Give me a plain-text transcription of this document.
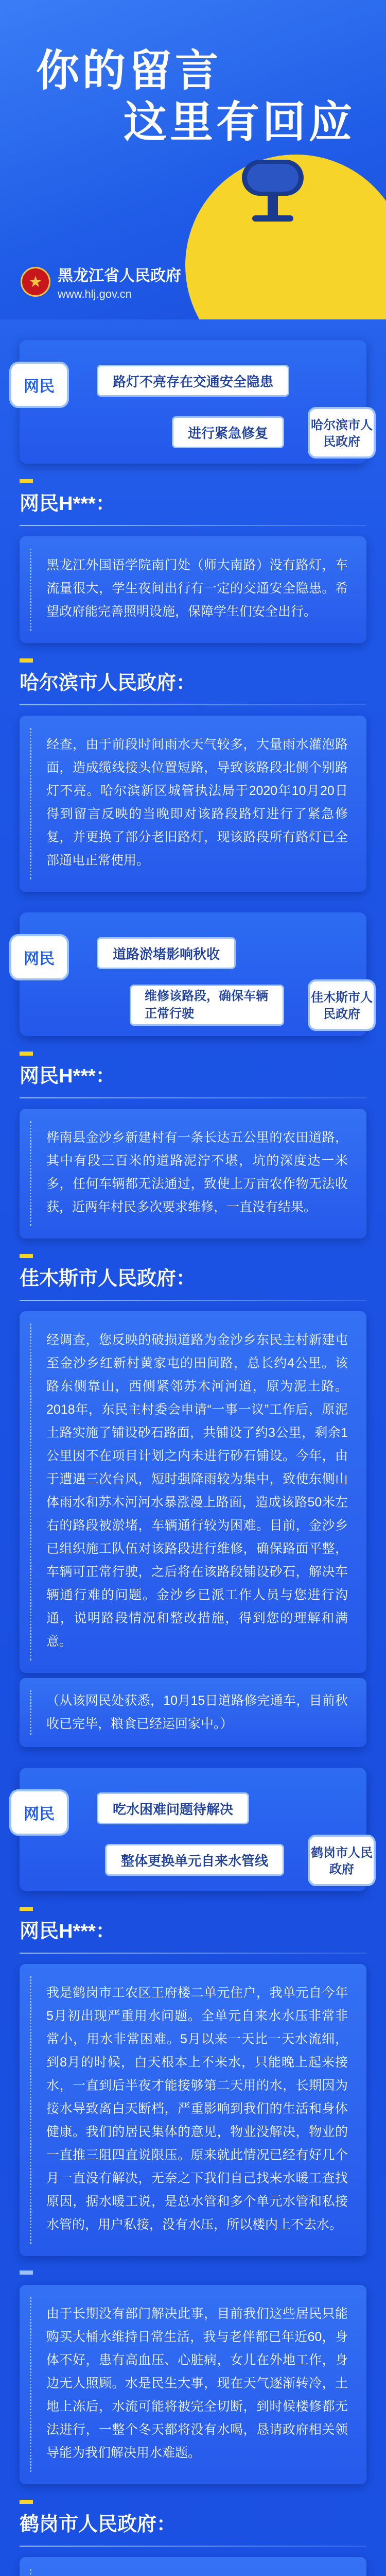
你的留言
这里有回应
★ 黑龙江省人民政府
www.hlj.gov.cn
网民	路灯不亮存在交通安全隐患
进行紧急修复	哈尔滨市人民政府
网民H***：

黑龙江外国语学院南门处（师大南路）没有路灯，车流量很大，学生夜间出行有一定的交通安全隐患。希望政府能完善照明设施，保障学生们安全出行。

哈尔滨市人民政府：

经查，由于前段时间雨水天气较多，大量雨水灌泡路面，造成缆线接头位置短路，导致该路段北侧个别路灯不亮。哈尔滨新区城管执法局于2020年10月20日得到留言反映的当晚即对该路段路灯进行了紧急修复，并更换了部分老旧路灯，现该路段所有路灯已全部通电正常使用。

网民	道路淤堵影响秋收
维修该路段，确保车辆正常行驶
佳木斯市人民政府
网民H***：

桦南县金沙乡新建村有一条长达五公里的农田道路，其中有段三百米的道路泥泞不堪，坑的深度达一米多，任何车辆都无法通过，致使上万亩农作物无法收获，近两年村民多次要求维修，一直没有结果。

佳木斯市人民政府：

经调查，您反映的破损道路为金沙乡东民主村新建屯至金沙乡红新村黄家屯的田间路，总长约4公里。该路东侧靠山，西侧紧邻苏木河河道，原为泥土路。2018年，东民主村委会申请“一事一议”工作后，原泥土路实施了铺设砂石路面，共铺设了约3公里，剩余1公里因不在项目计划之内未进行砂石铺设。今年，由于遭遇三次台风，短时强降雨较为集中，致使东侧山体雨水和苏木河河水暴涨漫上路面，造成该路50米左右的路段被淤堵，车辆通行较为困难。目前，金沙乡已组织施工队伍对该路段进行维修，确保路面平整，车辆可正常行驶，之后将在该路段铺设砂石，解决车辆通行难的问题。金沙乡已派工作人员与您进行沟通，说明路段情况和整改措施，得到您的理解和满意。

（从该网民处获悉，10月15日道路修完通车，目前秋收已完毕，粮食已经运回家中。）

网民	吃水困难问题待解决
整体更换单元自来水管线	鹤岗市人民政府
网民H***：

我是鹤岗市工农区王府楼二单元住户，我单元自今年5月初出现严重用水问题。全单元自来水水压非常非常小，用水非常困难。5月以来一天比一天水流细，到8月的时候，白天根本上不来水，只能晚上起来接水，一直到后半夜才能接够第二天用的水，长期因为接水导致离白天断档，严重影响到我们的生活和身体健康。我们的居民集体的意见，物业没解决，物业的一直推三阻四直说限压。原来就此情况已经有好几个月一直没有解决，无奈之下我们自己找来水暖工查找原因，据水暖工说，是总水管和多个单元水管和私接水管的，用户私接，没有水压，所以楼内上不去水。

由于长期没有部门解决此事，目前我们这些居民只能购买大桶水维持日常生活，我与老伴都已年近60，身体不好，患有高血压、心脏病，女儿在外地工作，身边无人照顾。水是民生大事，现在天气逐渐转冷，土地上冻后，水流可能将被完全切断，到时候楼修都无法进行，一整个冬天都将没有水喝，恳请政府相关领导能为我们解决用水难题。

鹤岗市人民政府：
